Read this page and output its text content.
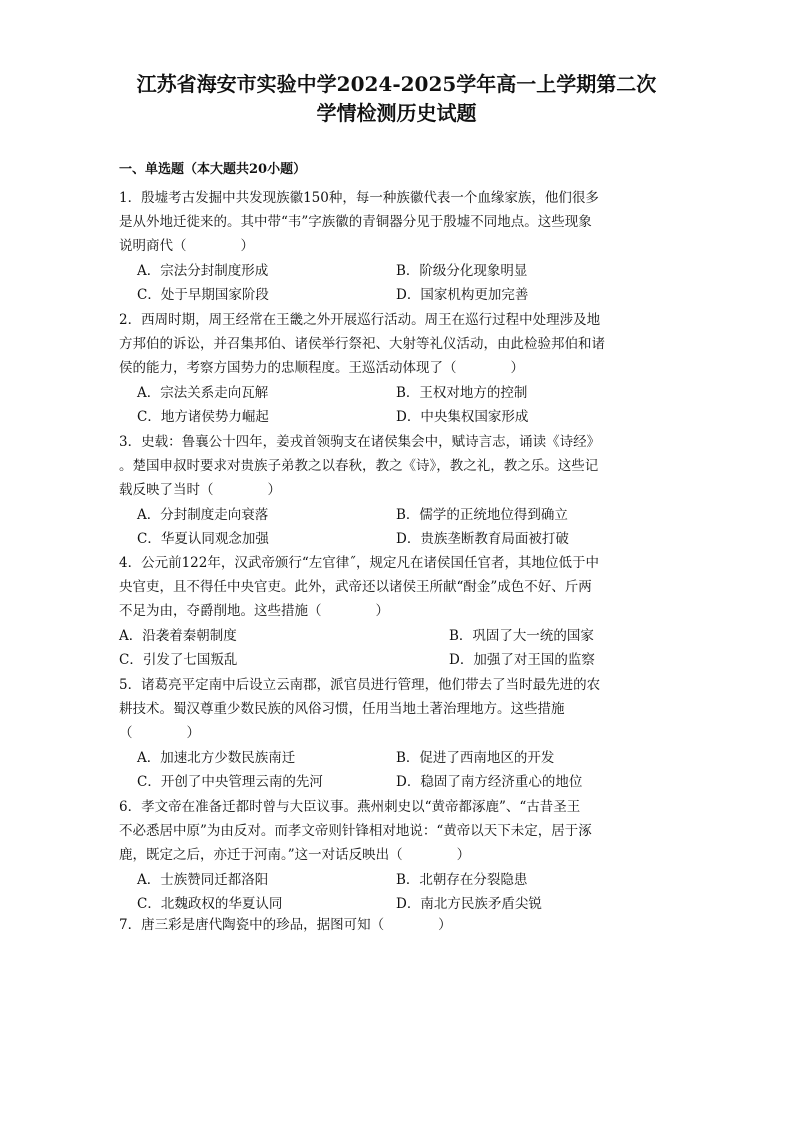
江苏省海安市实验中学2024-2025学年高一上学期第二次
学情检测历史试题
一、单选题（本大题共20小题）
1．殷墟考古发掘中共发现族徽150种，每一种族徽代表一个血缘家族，他们很多
是从外地迁徙来的。其中带“韦”字族徽的青铜器分见于殷墟不同地点。这些现象
说明商代（　　　　）
A．宗法分封制度形成	B．阶级分化现象明显
C．处于早期国家阶段	D．国家机构更加完善
2．西周时期，周王经常在王畿之外开展巡行活动。周王在巡行过程中处理涉及地
方邦伯的诉讼，并召集邦伯、诸侯举行祭祀、大射等礼仪活动，由此检验邦伯和诸
侯的能力，考察方国势力的忠顺程度。王巡活动体现了（　　　　）
A．宗法关系走向瓦解	B．王权对地方的控制
C．地方诸侯势力崛起	D．中央集权国家形成
3．史载：鲁襄公十四年，姜戎首领驹支在诸侯集会中，赋诗言志，诵读《诗经》
。楚国申叔时要求对贵族子弟教之以春秋，教之《诗》，教之礼，教之乐。这些记
载反映了当时（　　　　）
A．分封制度走向衰落	B．儒学的正统地位得到确立
C．华夏认同观念加强	D．贵族垄断教育局面被打破
4．公元前122年，汉武帝颁行“左官律˝，规定凡在诸侯国任官者，其地位低于中
央官吏，且不得任中央官吏。此外，武帝还以诸侯王所献“酎金”成色不好、斤两
不足为由，夺爵削地。这些措施（　　　　）
A．沿袭着秦朝制度	B．巩固了大一统的国家
C．引发了七国叛乱	D．加强了对王国的监察
5．诸葛亮平定南中后设立云南郡，派官员进行管理，他们带去了当时最先进的农
耕技术。蜀汉尊重少数民族的风俗习惯，任用当地土著治理地方。这些措施
（　　　　）
A．加速北方少数民族南迁	B．促进了西南地区的开发
C．开创了中央管理云南的先河	D．稳固了南方经济重心的地位
6．孝文帝在准备迁都时曾与大臣议事。燕州刺史以“黄帝都涿鹿”、“古昔圣王
不必悉居中原”为由反对。而孝文帝则针锋相对地说：“黄帝以天下未定，居于涿
鹿，既定之后，亦迁于河南。”这一对话反映出（　　　　）
A．士族赞同迁都洛阳	B．北朝存在分裂隐患
C．北魏政权的华夏认同	D．南北方民族矛盾尖锐
7．唐三彩是唐代陶瓷中的珍品，据图可知（　　　　）
